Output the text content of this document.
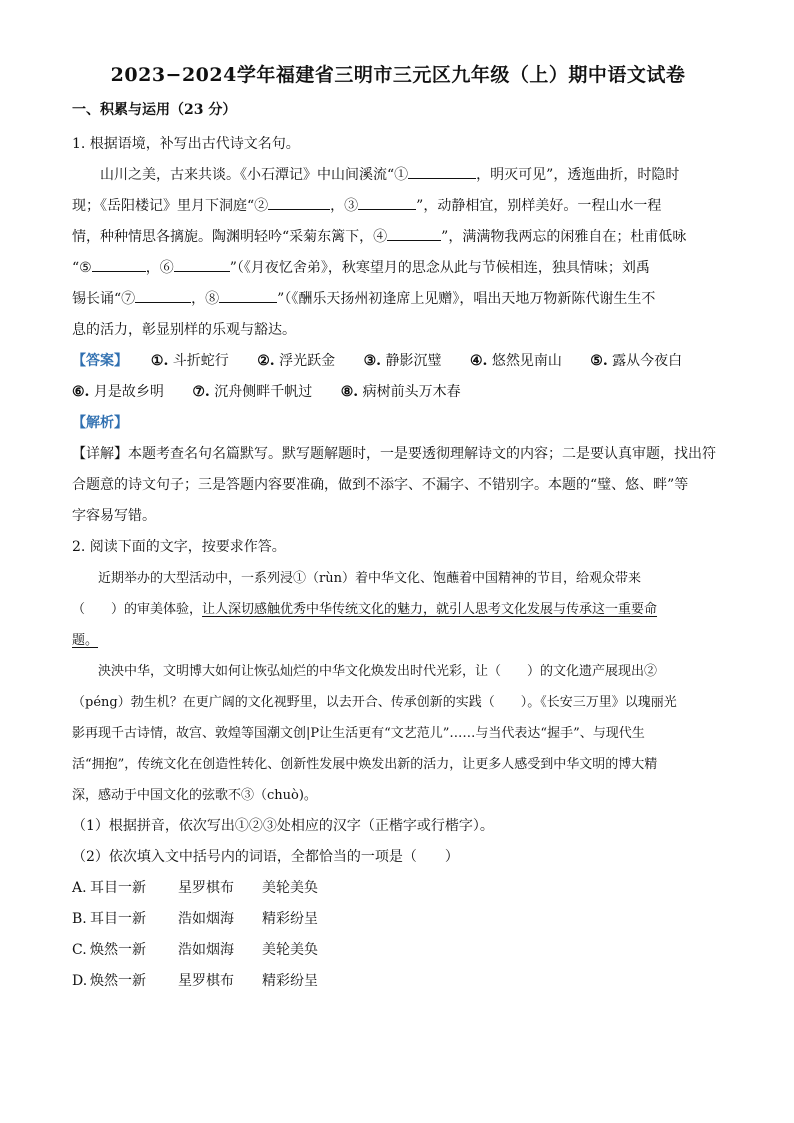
2023−2024学年福建省三明市三元区九年级（上）期中语文试卷
一、积累与运用（23 分）

1. 根据语境，补写出古代诗文名句。

山川之美，古来共谈。《小石潭记》中山间溪流“①	，明灭可见”，透迤曲折，时隐时

现；《岳阳楼记》里月下洞庭“②	，③	”，动静相宜，别样美好。一程山水一程

情，种种情思各摛旎。陶渊明轻吟“采菊东篱下，④	”，满满物我两忘的闲雅自在；杜甫低咏

“⑤	，⑥	”（《月夜忆舍弟》，秋寒望月的思念从此与节候相连，独具情味；刘禹

锡长诵“⑦	，⑧	”（《酬乐天扬州初逢席上见赠》，唱出天地万物新陈代谢生生不

息的活力，彰显别样的乐观与豁达。

【答案】 ①. 斗折蛇行 ②. 浮光跃金 ③. 静影沉璧 ④. 悠然见南山 ⑤. 露从今夜白
⑥. 月是故乡明 ⑦. 沉舟侧畔千帆过 ⑧. 病树前头万木春

【解析】

【详解】本题考查名句名篇默写。默写题解题时，一是要透彻理解诗文的内容；二是要认真审题，找出符

合题意的诗文句子；三是答题内容要准确，做到不添字、不漏字、不错别字。本题的“璧、悠、畔”等

字容易写错。

2. 阅读下面的文字，按要求作答。

近期举办的大型活动中，一系列浸①（rùn）着中华文化、饱蘸着中国精神的节目，给观众带来

（　　）的审美体验，让人深切感触优秀中华传统文化的魅力，就引人思考文化发展与传承这一重要命

题。

泱泱中华，文明博大如何让恢弘灿烂的中华文化焕发出时代光彩，让（　　）的文化遗产展现出②

（péng）勃生机？在更广阔的文化视野里，以去开合、传承创新的实践（　　）。《长安三万里》以瑰丽光

影再现千古诗情，故宫、敦煌等国潮文创|P让生活更有“文艺范儿”……与当代表达“握手”、与现代生

活“拥抱”，传统文化在创造性转化、创新性发展中焕发出新的活力，让更多人感受到中华文明的博大精

深，感动于中国文化的弦歌不③（chuò)。

（1）根据拼音，依次写出①②③处相应的汉字（正楷字或行楷字）。

（2）依次填入文中括号内的词语，全都恰当的一项是（　　）

A. 耳目一新	星罗棋布	美轮美奂
B. 耳目一新	浩如烟海	精彩纷呈
C. 焕然一新	浩如烟海	美轮美奂
D. 焕然一新	星罗棋布	精彩纷呈
